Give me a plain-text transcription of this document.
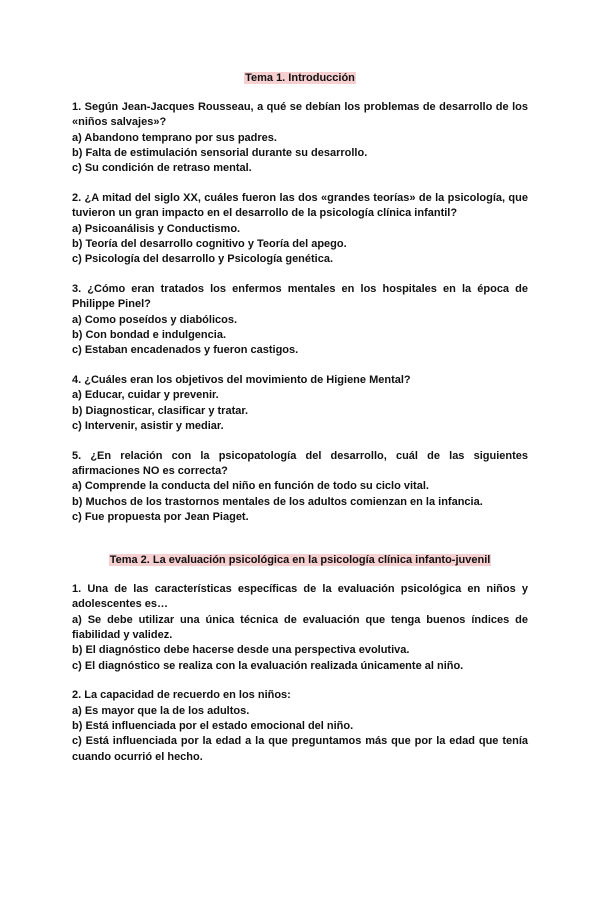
Tema 1. Introducción
1. Según Jean-Jacques Rousseau, a qué se debían los problemas de desarrollo de los «niños salvajes»?
a) Abandono temprano por sus padres.
b) Falta de estimulación sensorial durante su desarrollo.
c) Su condición de retraso mental.
2. ¿A mitad del siglo XX, cuáles fueron las dos «grandes teorías» de la psicología, que tuvieron un gran impacto en el desarrollo de la psicología clínica infantil?
a) Psicoanálisis y Conductismo.
b) Teoría del desarrollo cognitivo y Teoría del apego.
c) Psicología del desarrollo y Psicología genética.
3. ¿Cómo eran tratados los enfermos mentales en los hospitales en la época de Philippe Pinel?
a) Como poseídos y diabólicos.
b) Con bondad e indulgencia.
c) Estaban encadenados y fueron castigos.
4. ¿Cuáles eran los objetivos del movimiento de Higiene Mental?
a) Educar, cuidar y prevenir.
b) Diagnosticar, clasificar y tratar.
c) Intervenir, asistir y mediar.
5. ¿En relación con la psicopatología del desarrollo, cuál de las siguientes afirmaciones NO es correcta?
a) Comprende la conducta del niño en función de todo su ciclo vital.
b) Muchos de los trastornos mentales de los adultos comienzan en la infancia.
c) Fue propuesta por Jean Piaget.
Tema 2. La evaluación psicológica en la psicología clínica infanto-juvenil
1. Una de las características específicas de la evaluación psicológica en niños y adolescentes es…
a) Se debe utilizar una única técnica de evaluación que tenga buenos índices de fiabilidad y validez.
b) El diagnóstico debe hacerse desde una perspectiva evolutiva.
c) El diagnóstico se realiza con la evaluación realizada únicamente al niño.
2. La capacidad de recuerdo en los niños:
a) Es mayor que la de los adultos.
b) Está influenciada por el estado emocional del niño.
c) Está influenciada por la edad a la que preguntamos más que por la edad que tenía cuando ocurrió el hecho.
